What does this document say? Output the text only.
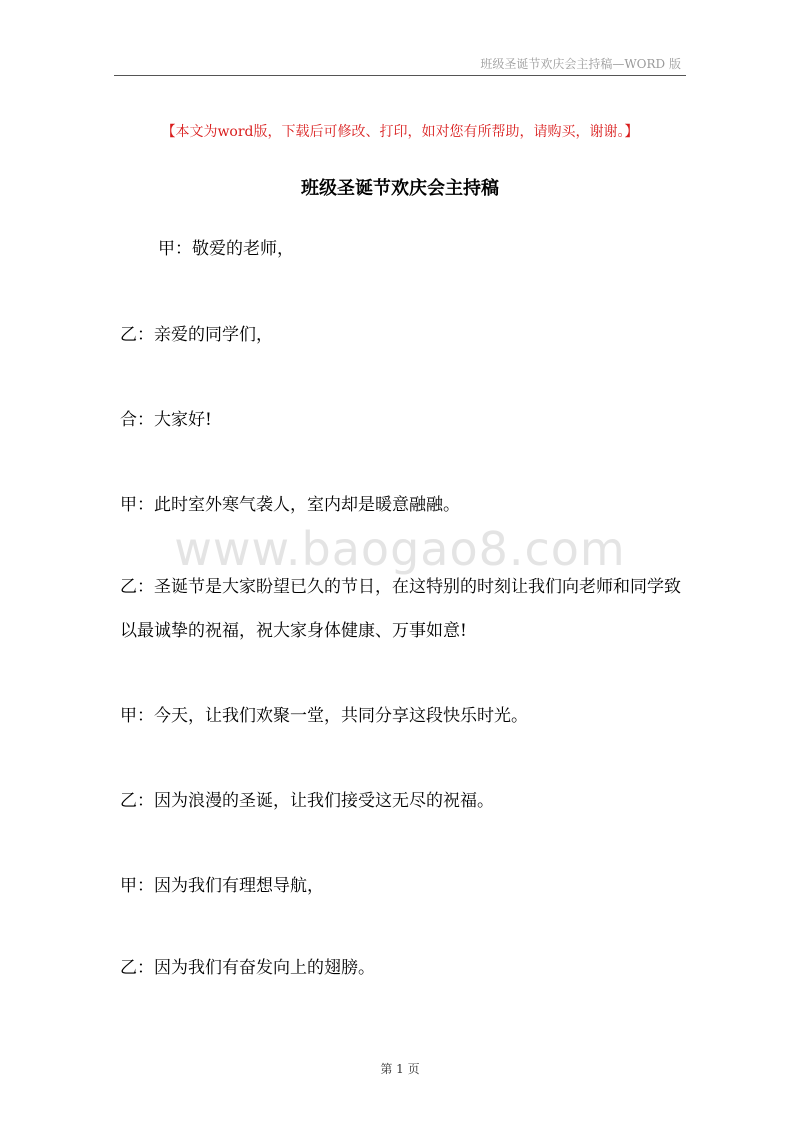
班级圣诞节欢庆会主持稿—WORD 版
【本文为word版，下载后可修改、打印，如对您有所帮助，请购买，谢谢。】
班级圣诞节欢庆会主持稿

甲：敬爱的老师，

乙：亲爱的同学们，

合：大家好!

甲：此时室外寒气袭人，室内却是暖意融融。

www.baogao8.com

乙：圣诞节是大家盼望已久的节日，在这特别的时刻让我们向老师和同学致以最诚挚的祝福，祝大家身体健康、万事如意!

甲：今天，让我们欢聚一堂，共同分享这段快乐时光。

乙：因为浪漫的圣诞，让我们接受这无尽的祝福。

甲：因为我们有理想导航，

乙：因为我们有奋发向上的翅膀。

第 1 页
